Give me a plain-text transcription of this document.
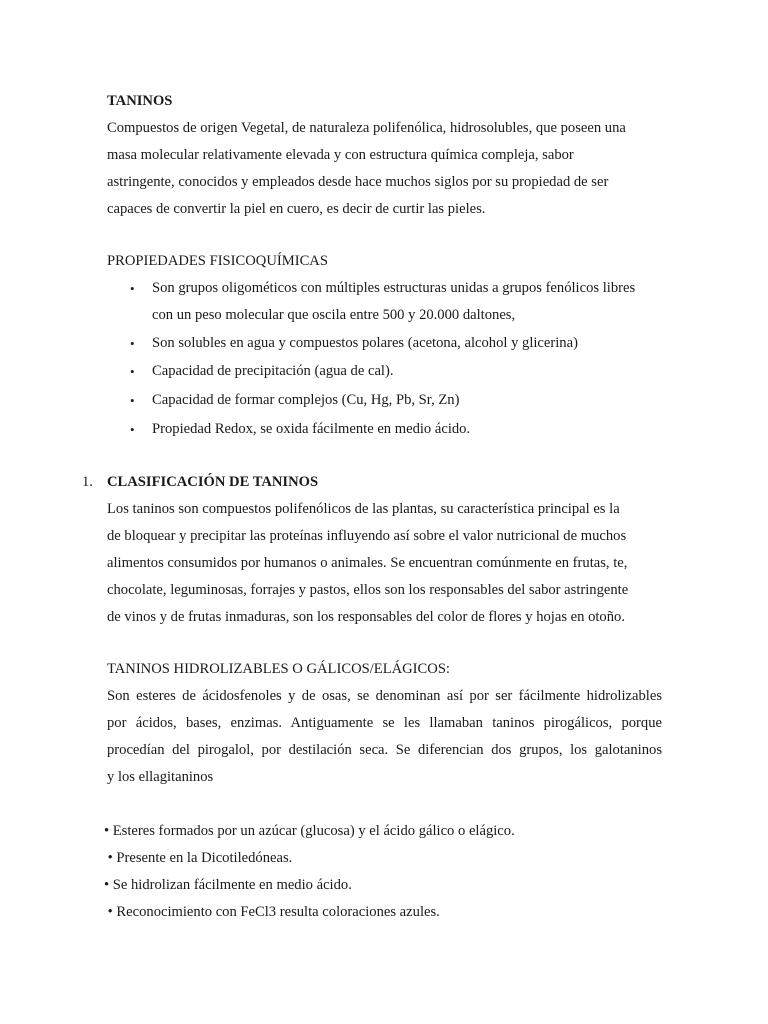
TANINOS
Compuestos de origen Vegetal, de naturaleza polifenólica, hidrosolubles, que poseen una
masa molecular relativamente elevada y con estructura química compleja, sabor
astringente, conocidos y empleados desde hace muchos siglos por su propiedad de ser
capaces de convertir la piel en cuero, es decir de curtir las pieles.
PROPIEDADES FISICOQUÍMICAS
• Son grupos oligométicos con múltiples estructuras unidas a grupos fenólicos libres
con un peso molecular que oscila entre 500 y 20.000 daltones,
• Son solubles en agua y compuestos polares (acetona, alcohol y glicerina)
• Capacidad de precipitación (agua de cal).
• Capacidad de formar complejos (Cu, Hg, Pb, Sr, Zn)
• Propiedad Redox, se oxida fácilmente en medio ácido.
1. CLASIFICACIÓN DE TANINOS
Los taninos son compuestos polifenólicos de las plantas, su característica principal es la
de bloquear y precipitar las proteínas influyendo así sobre el valor nutricional de muchos
alimentos consumidos por humanos o animales. Se encuentran comúnmente en frutas, te,
chocolate, leguminosas, forrajes y pastos, ellos son los responsables del sabor astringente
de vinos y de frutas inmaduras, son los responsables del color de flores y hojas en otoño.
TANINOS HIDROLIZABLES O GÁLICOS/ELÁGICOS:
Son esteres de ácidosfenoles y de osas, se denominan así por ser fácilmente hidrolizables
por ácidos, bases, enzimas. Antiguamente se les llamaban taninos pirogálicos, porque
procedían del pirogalol, por destilación seca. Se diferencian dos grupos, los galotaninos
y los ellagitaninos
• Esteres formados por un azúcar (glucosa) y el ácido gálico o elágico.
• Presente en la Dicotiledóneas.
• Se hidrolizan fácilmente en medio ácido.
• Reconocimiento con FeCl3 resulta coloraciones azules.
